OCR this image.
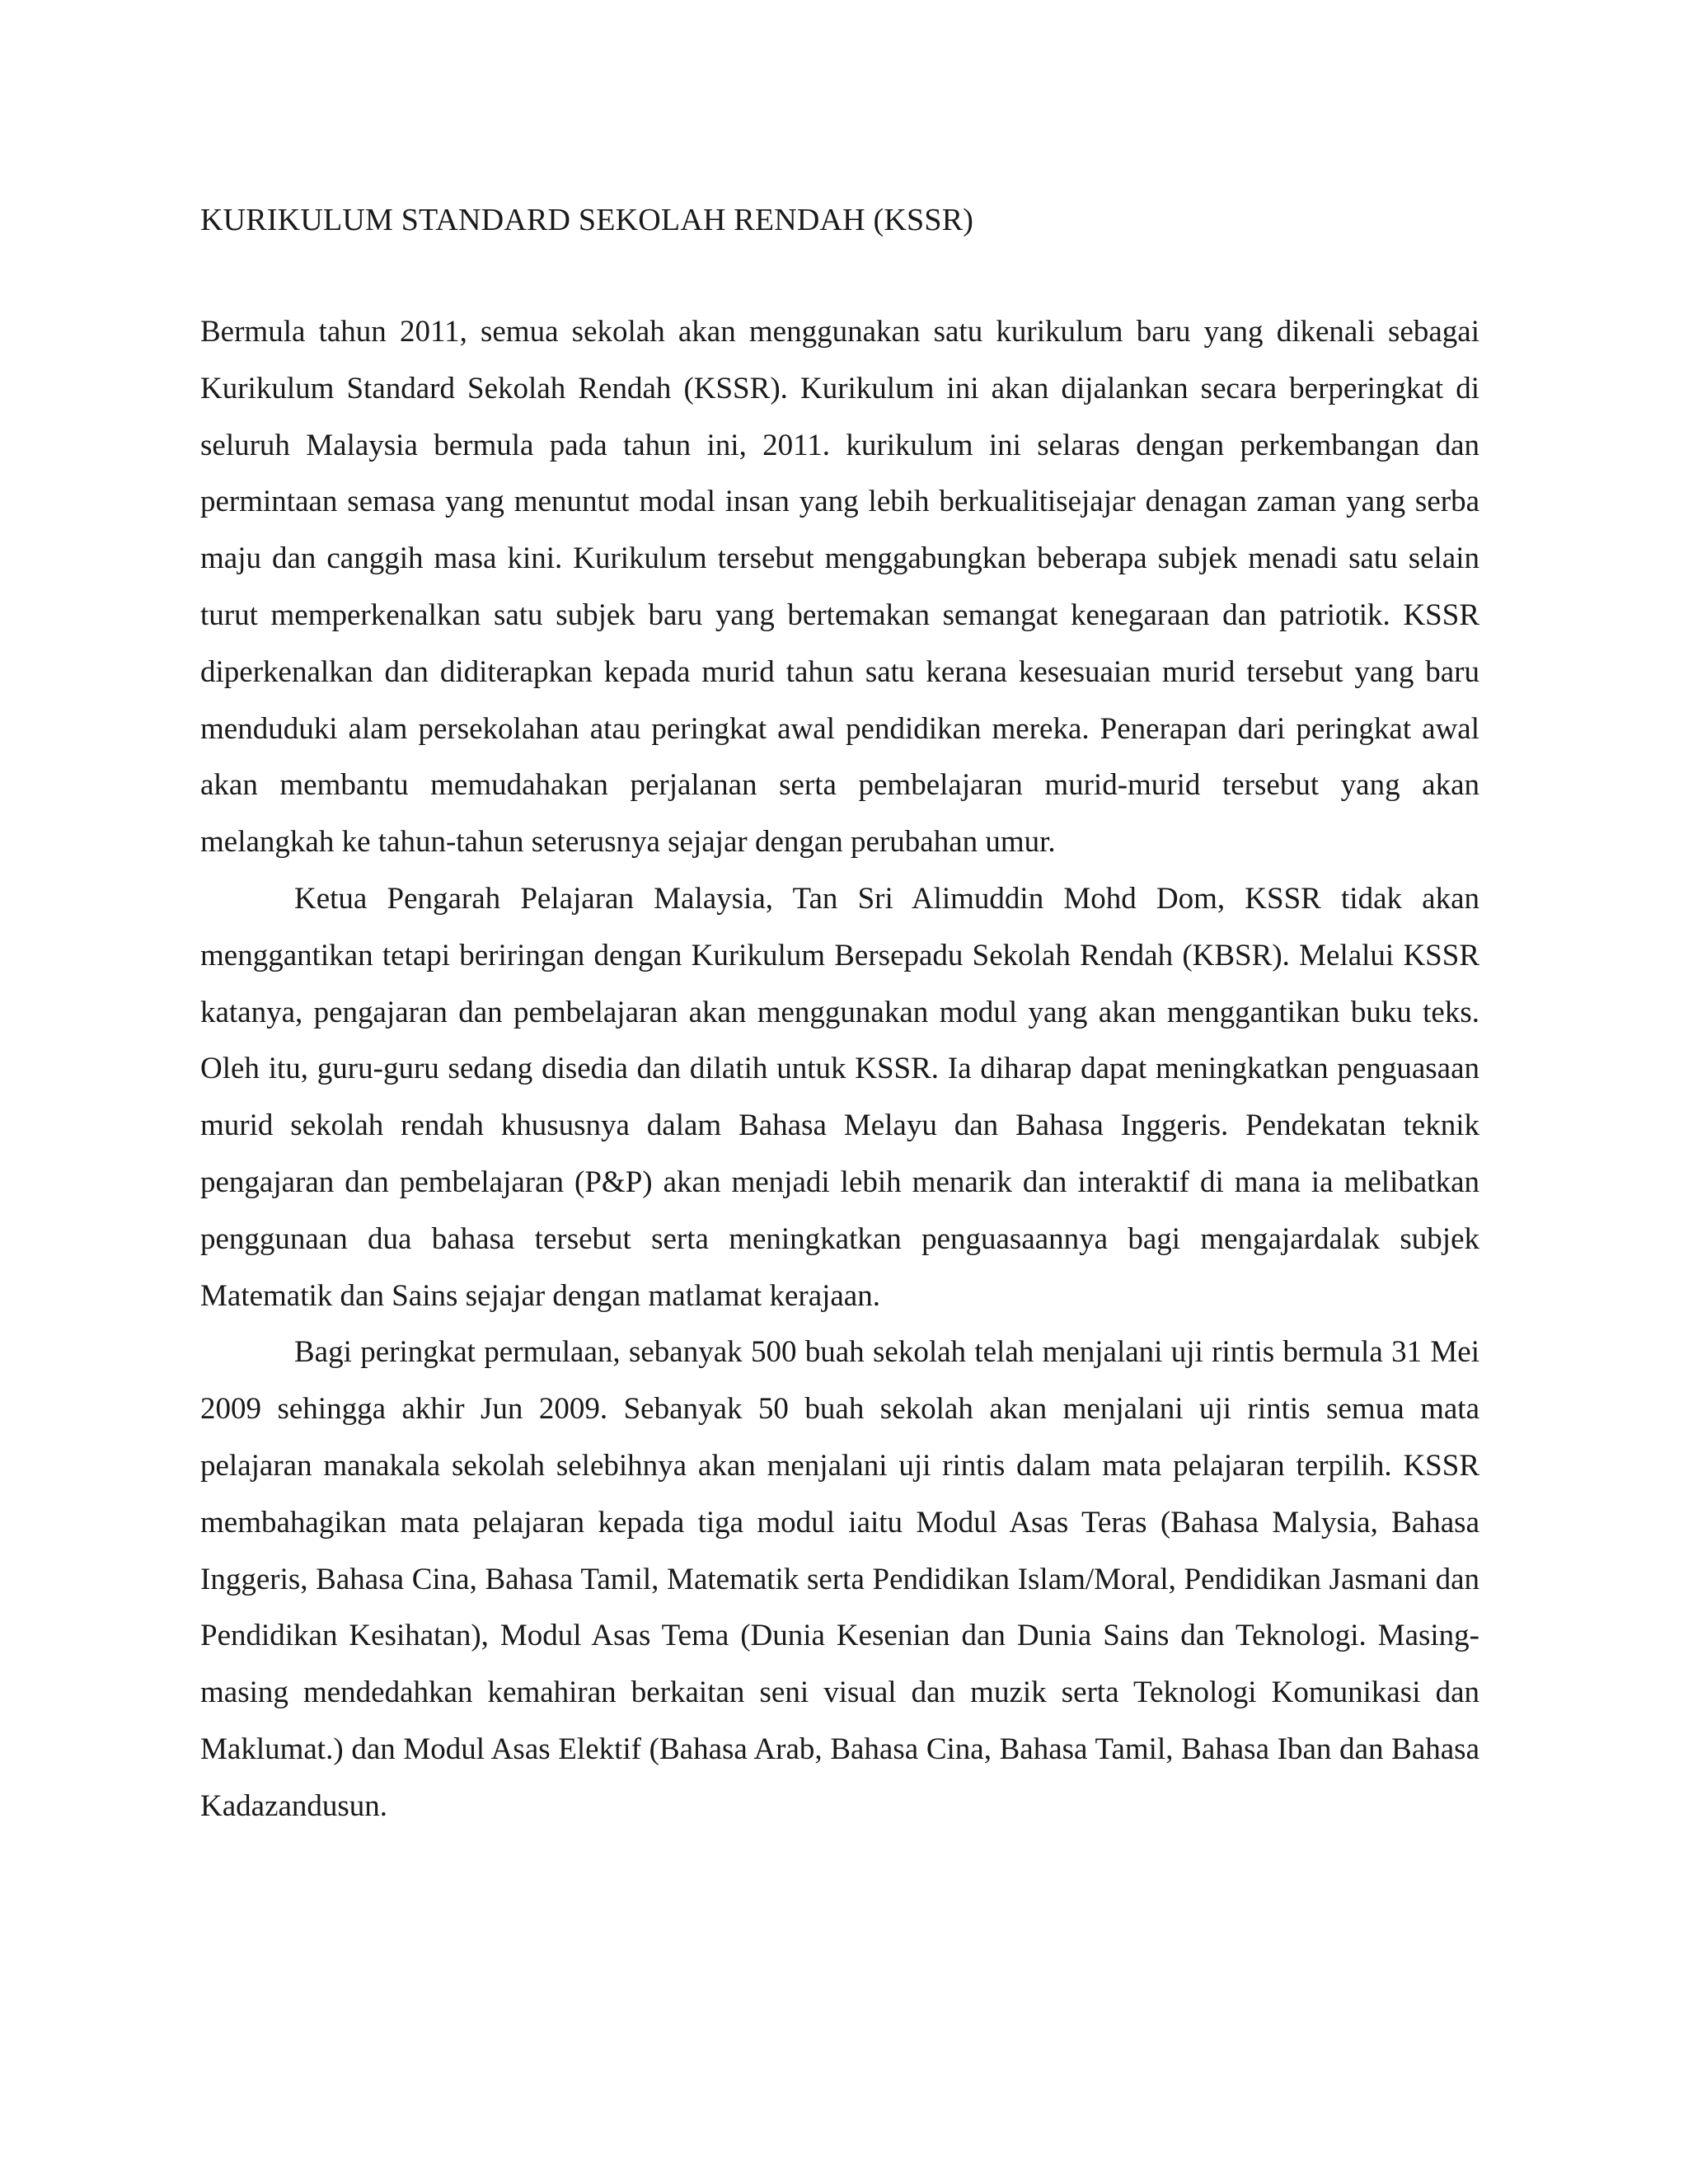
KURIKULUM STANDARD SEKOLAH RENDAH (KSSR)

Bermula tahun 2011, semua sekolah akan menggunakan satu kurikulum baru yang dikenali sebagai Kurikulum Standard Sekolah Rendah (KSSR). Kurikulum ini akan dijalankan secara berperingkat di seluruh Malaysia bermula pada tahun ini, 2011. kurikulum ini selaras dengan perkembangan dan permintaan semasa yang menuntut modal insan yang lebih berkualitisejajar denagan zaman yang serba maju dan canggih masa kini. Kurikulum tersebut menggabungkan beberapa subjek menadi satu selain turut memperkenalkan satu subjek baru yang bertemakan semangat kenegaraan dan patriotik. KSSR diperkenalkan dan diditerapkan kepada murid tahun satu kerana kesesuaian murid tersebut yang baru menduduki alam persekolahan atau peringkat awal pendidikan mereka. Penerapan dari peringkat awal akan membantu memudahakan perjalanan serta pembelajaran murid-murid tersebut yang akan melangkah ke tahun-tahun seterusnya sejajar dengan perubahan umur.

Ketua Pengarah Pelajaran Malaysia, Tan Sri Alimuddin Mohd Dom, KSSR tidak akan menggantikan tetapi beriringan dengan Kurikulum Bersepadu Sekolah Rendah (KBSR). Melalui KSSR katanya, pengajaran dan pembelajaran akan menggunakan modul yang akan menggantikan buku teks. Oleh itu, guru-guru sedang disedia dan dilatih untuk KSSR. Ia diharap dapat meningkatkan penguasaan murid sekolah rendah khususnya dalam Bahasa Melayu dan Bahasa Inggeris. Pendekatan teknik pengajaran dan pembelajaran (P&P) akan menjadi lebih menarik dan interaktif di mana ia melibatkan penggunaan dua bahasa tersebut serta meningkatkan penguasaannya bagi mengajardalak subjek Matematik dan Sains sejajar dengan matlamat kerajaan.

Bagi peringkat permulaan, sebanyak 500 buah sekolah telah menjalani uji rintis bermula 31 Mei 2009 sehingga akhir Jun 2009. Sebanyak 50 buah sekolah akan menjalani uji rintis semua mata pelajaran manakala sekolah selebihnya akan menjalani uji rintis dalam mata pelajaran terpilih. KSSR membahagikan mata pelajaran kepada tiga modul iaitu Modul Asas Teras (Bahasa Malysia, Bahasa Inggeris, Bahasa Cina, Bahasa Tamil, Matematik serta Pendidikan Islam/Moral, Pendidikan Jasmani dan Pendidikan Kesihatan), Modul Asas Tema (Dunia Kesenian dan Dunia Sains dan Teknologi. Masing-masing mendedahkan kemahiran berkaitan seni visual dan muzik serta Teknologi Komunikasi dan Maklumat.) dan Modul Asas Elektif (Bahasa Arab, Bahasa Cina, Bahasa Tamil, Bahasa Iban dan Bahasa Kadazandusun.
